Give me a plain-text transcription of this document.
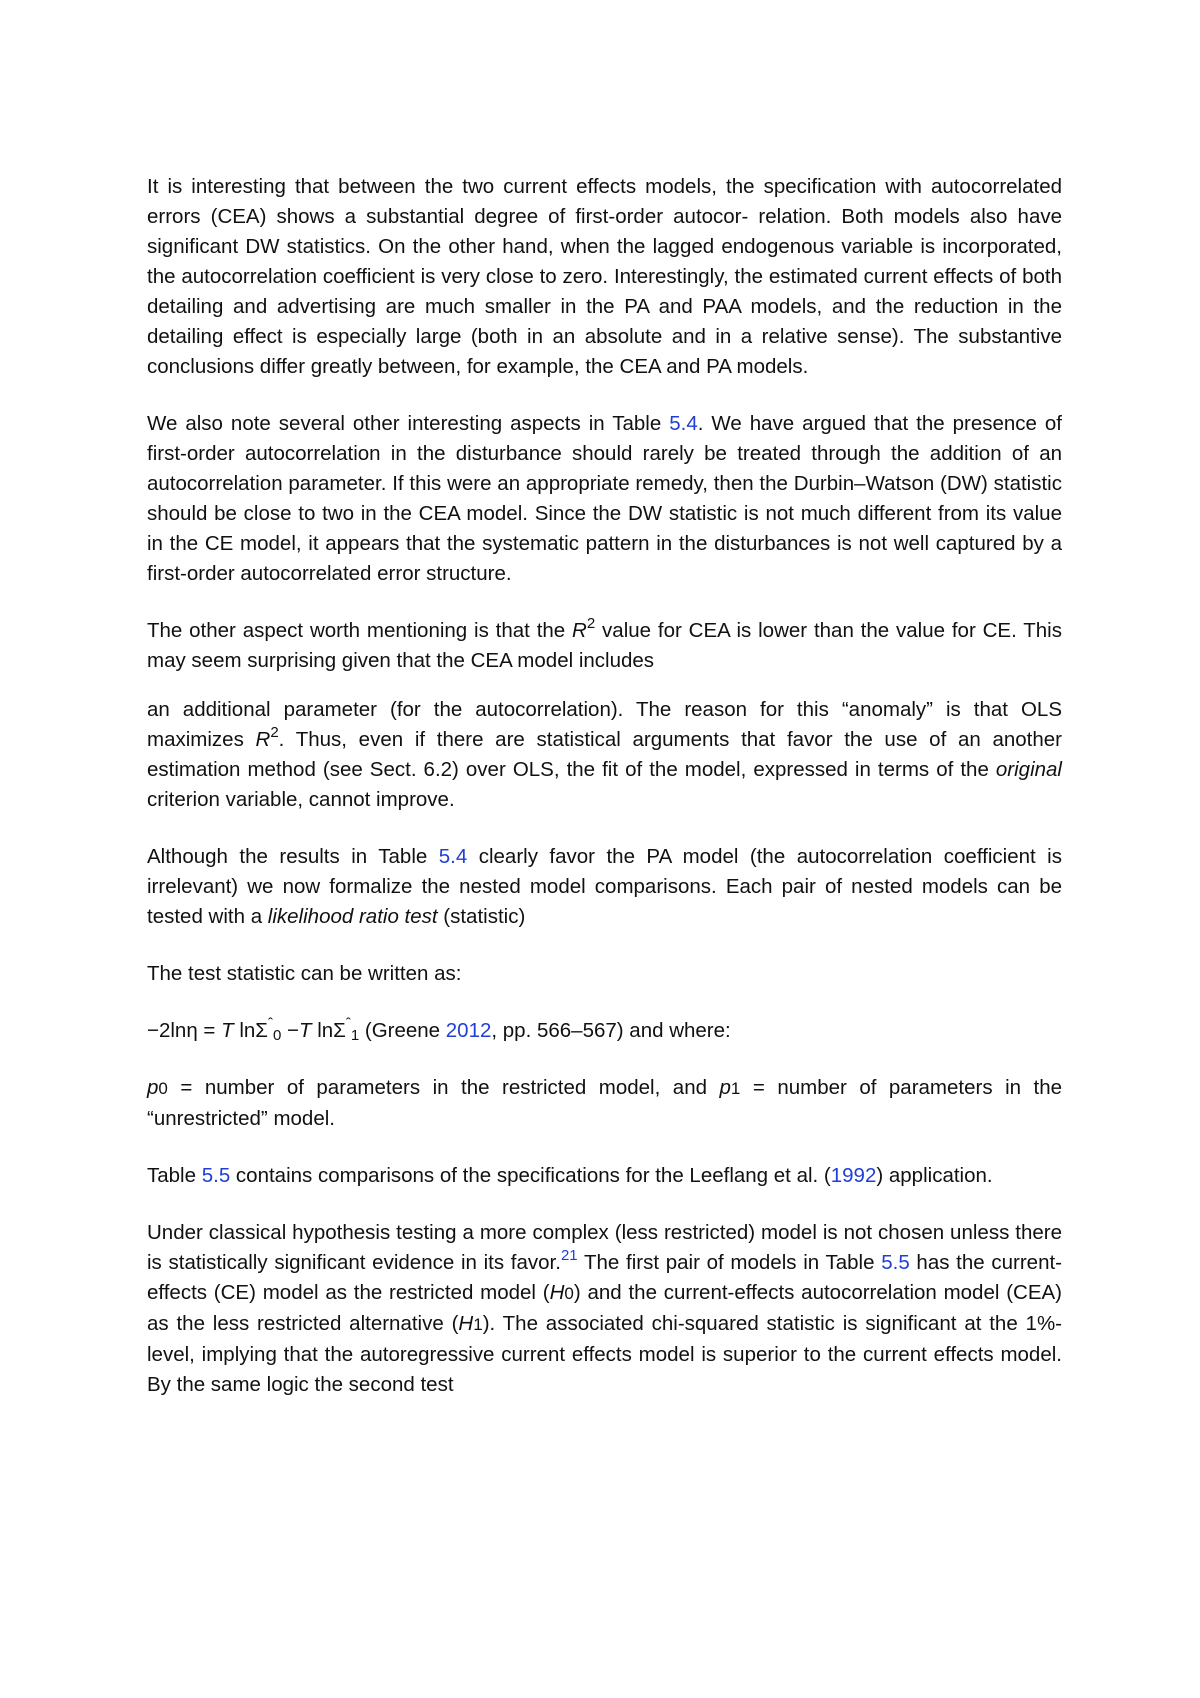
It is interesting that between the two current effects models, the specification with autocorrelated errors (CEA) shows a substantial degree of first-order autocor- relation. Both models also have significant DW statistics. On the other hand, when the lagged endogenous variable is incorporated, the autocorrelation coefficient is very close to zero. Interestingly, the estimated current effects of both detailing and advertising are much smaller in the PA and PAA models, and the reduction in the detailing effect is especially large (both in an absolute and in a relative sense). The substantive conclusions differ greatly between, for example, the CEA and PA models.

We also note several other interesting aspects in Table 5.4. We have argued that the presence of first-order autocorrelation in the disturbance should rarely be treated through the addition of an autocorrelation parameter. If this were an appropriate remedy, then the Durbin–Watson (DW) statistic should be close to two in the CEA model. Since the DW statistic is not much different from its value in the CE model, it appears that the systematic pattern in the disturbances is not well captured by a first-order autocorrelated error structure.

The other aspect worth mentioning is that the $R^2$ value for CEA is lower than the value for CE. This may seem surprising given that the CEA model includes

an additional parameter (for the autocorrelation). The reason for this “anomaly” is that OLS maximizes $R^2$. Thus, even if there are statistical arguments that favor the use of an another estimation method (see Sect. 6.2) over OLS, the fit of the model, expressed in terms of the original criterion variable, cannot improve.

Although the results in Table 5.4 clearly favor the PA model (the autocorrelation coefficient is irrelevant) we now formalize the nested model comparisons. Each pair of nested models can be tested with a likelihood ratio test (statistic)

The test statistic can be written as:

−2lnη = T lnΣ$^ˆ_0$ −T lnΣ$^ˆ_1$ (Greene 2012, pp. 566–567) and where:

p0 = number of parameters in the restricted model, and p1 = number of parameters in the “unrestricted” model.

Table 5.5 contains comparisons of the specifications for the Leeflang et al. (1992) application.

Under classical hypothesis testing a more complex (less restricted) model is not chosen unless there is statistically significant evidence in its favor.$^{21}$ The first pair of models in Table 5.5 has the current-effects (CE) model as the restricted model (H0) and the current-effects autocorrelation model (CEA) as the less restricted alternative (H1). The associated chi-squared statistic is significant at the 1%-level, implying that the autoregressive current effects model is superior to the current effects model. By the same logic the second test
